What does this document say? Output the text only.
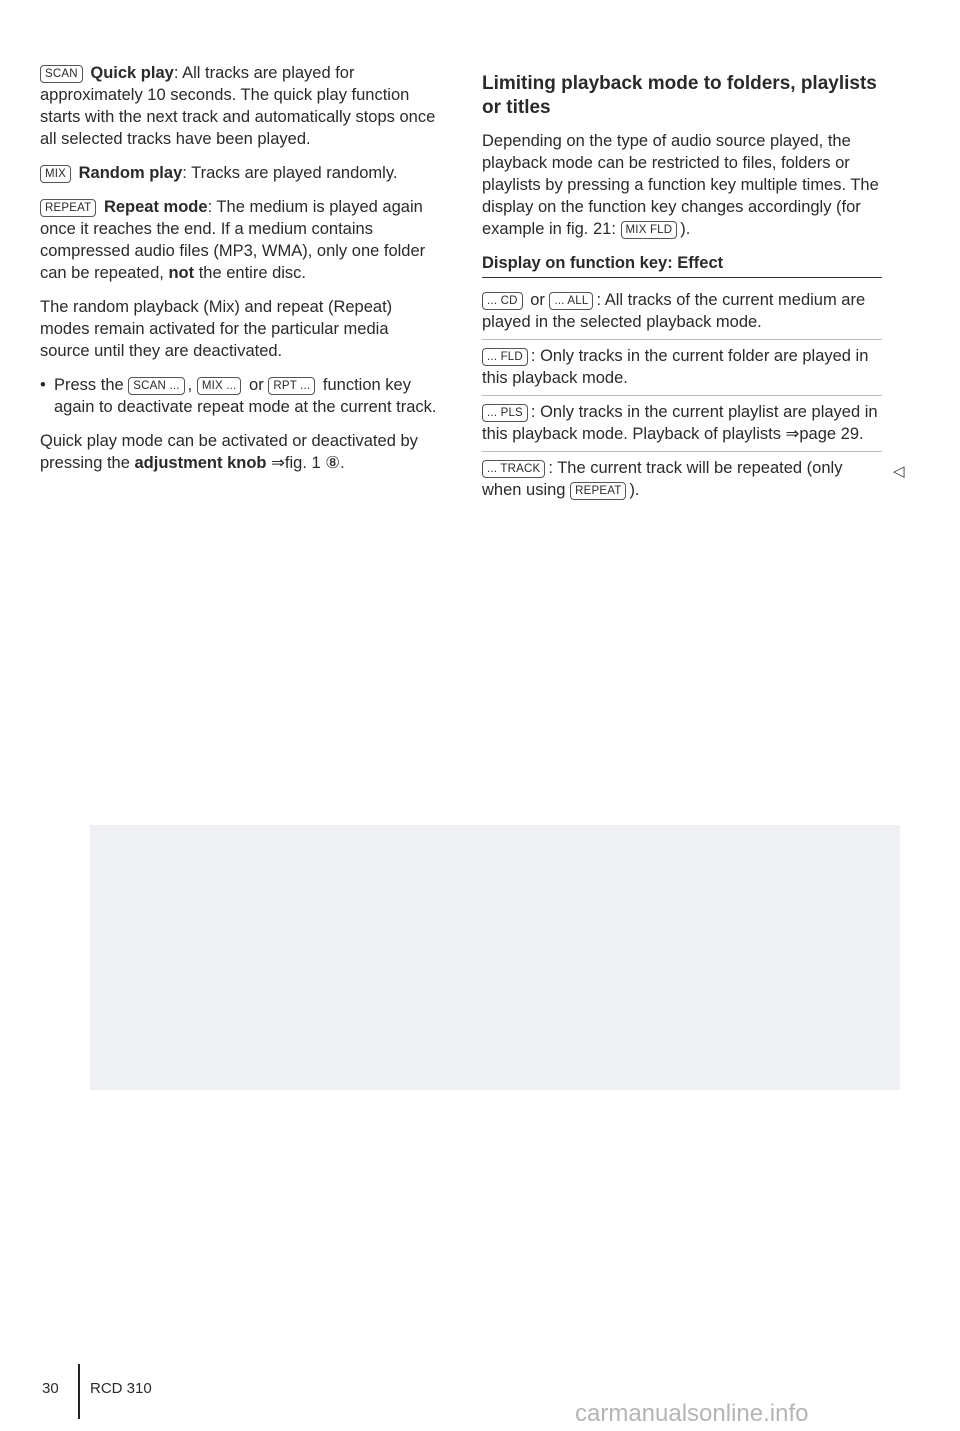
SCAN Quick play: All tracks are played for approximately 10 seconds. The quick play function starts with the next track and automatically stops once all selected tracks have been played.

MIX Random play: Tracks are played randomly.

REPEAT Repeat mode: The medium is played again once it reaches the end. If a medium contains compressed audio files (MP3, WMA), only one folder can be repeated, not the entire disc.

The random playback (Mix) and repeat (Repeat) modes remain activated for the particular media source until they are deactivated.

• Press the SCAN ... , MIX ... or RPT ... function key again to deactivate repeat mode at the current track.

Quick play mode can be activated or deactivated by pressing the adjustment knob ⇒fig. 1 ⑧.

Limiting playback mode to folders, playlists or titles

Depending on the type of audio source played, the playback mode can be restricted to files, folders or playlists by pressing a function key multiple times. The display on the function key changes accordingly (for example in fig. 21: MIX FLD ).

Display on function key: Effect
... CD or ... ALL : All tracks of the current medium are played in the selected playback mode.
... FLD : Only tracks in the current folder are played in this playback mode.
... PLS : Only tracks in the current playlist are played in this playback mode. Playback of playlists ⇒page 29.
... TRACK : The current track will be repeated (only when using REPEAT ).
◁
30 RCD 310
carmanualsonline.info
